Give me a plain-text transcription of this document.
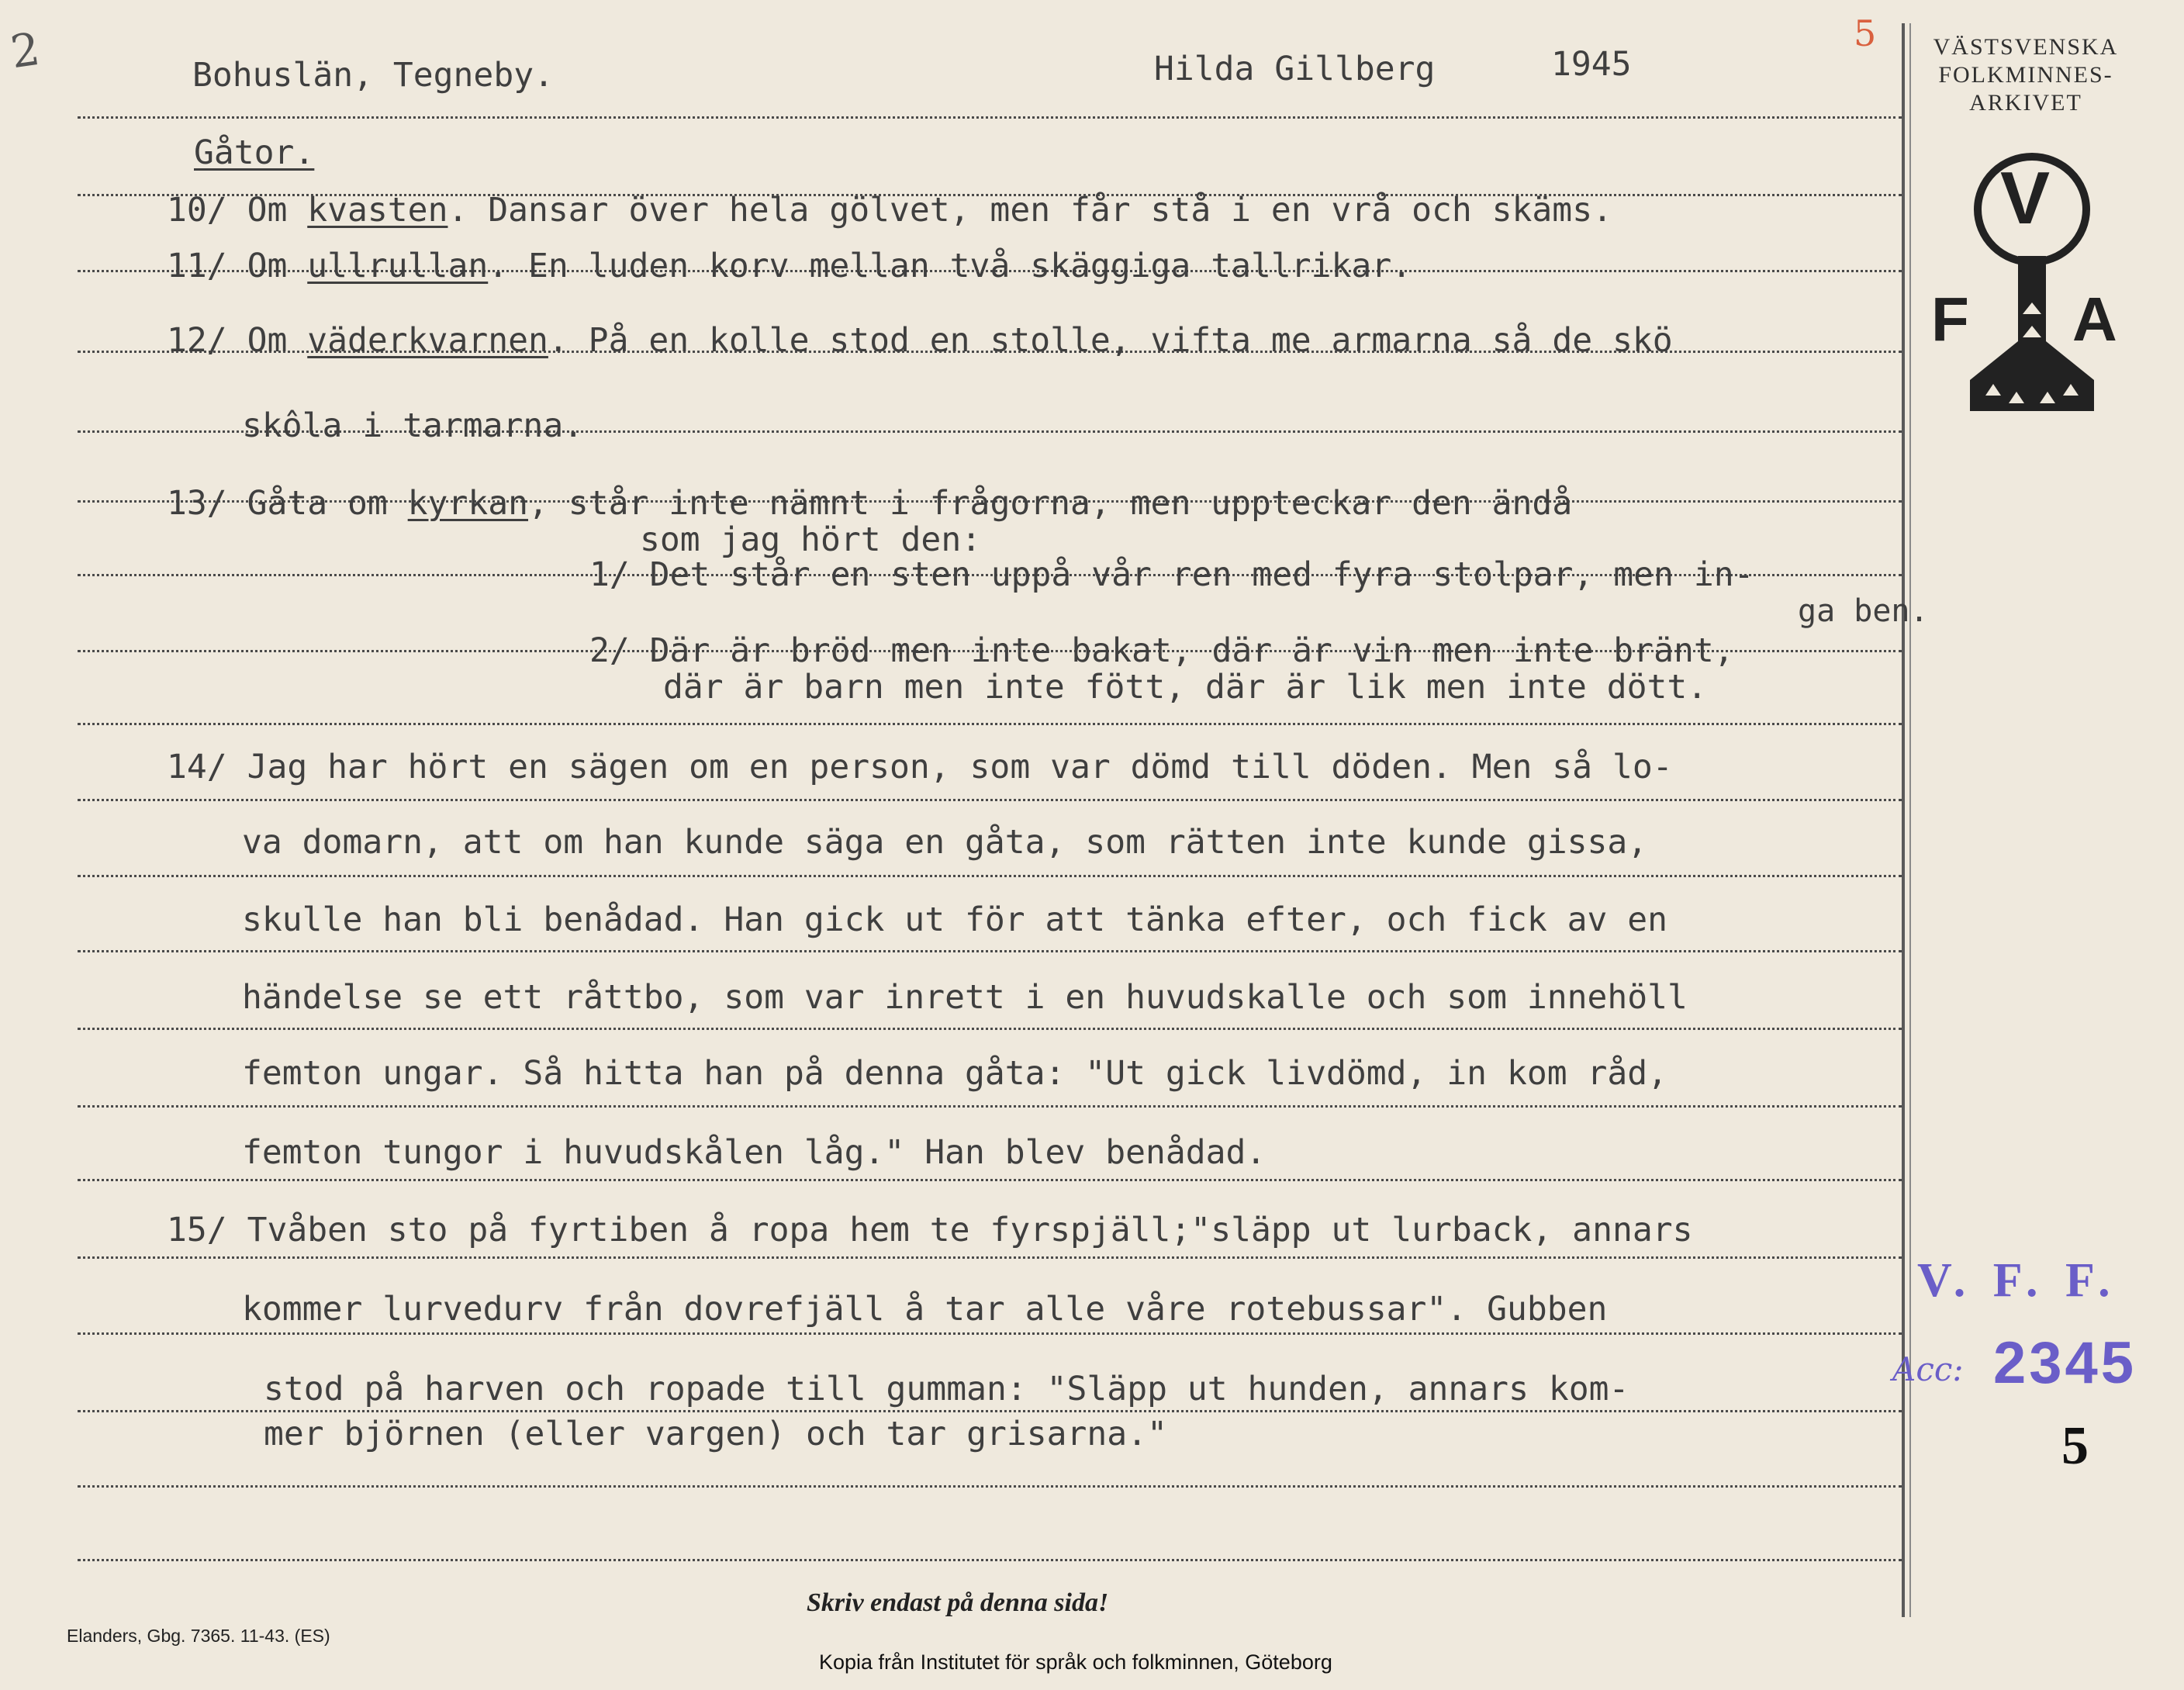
2	5
Bohuslän, Tegneby.	Hilda Gillberg	1945
Gåtor.
10/ Om kvasten. Dansar över hela gölvet, men får stå i en vrå och skäms.
11/ Om ullrullan. En luden korv mellan två skäggiga tallrikar.
12/ Om väderkvarnen. På en kolle stod en stolle, vifta me armarna så de skö
skôla i tarmarna.
13/ Gåta om kyrkan, står inte nämnt i frågorna, men uppteckar den ändå
som jag hört den:
1/ Det står en sten uppå vår ren med fyra stolpar, men in-
ga ben.
2/ Där är bröd men inte bakat, där är vin men inte bränt,
där är barn men inte fött, där är lik men inte dött.
14/ Jag har hört en sägen om en person, som var dömd till döden. Men så lo-
va domarn, att om han kunde säga en gåta, som rätten inte kunde gissa,
skulle han bli benådad. Han gick ut för att tänka efter, och fick av en
händelse se ett råttbo, som var inrett i en huvudskalle och som innehöll
femton ungar. Så hitta han på denna gåta: "Ut gick livdömd, in kom råd,
femton tungor i huvudskålen låg." Han blev benådad.
15/ Tvåben sto på fyrtiben å ropa hem te fyrspjäll;"släpp ut lurback, annars
kommer lurvedurv från dovrefjäll å tar alle våre rotebussar". Gubben
stod på harven och ropade till gumman: "Släpp ut hunden, annars kom-
mer björnen (eller vargen) och tar grisarna."
VÄSTSVENSKA
FOLKMINNES-
ARKIVET
V
F A
V. F. F.
Acc: 2345
5
Skriv endast på denna sida!
Elanders, Gbg. 7365. 11-43. (ES)
Kopia från Institutet för språk och folkminnen, Göteborg
